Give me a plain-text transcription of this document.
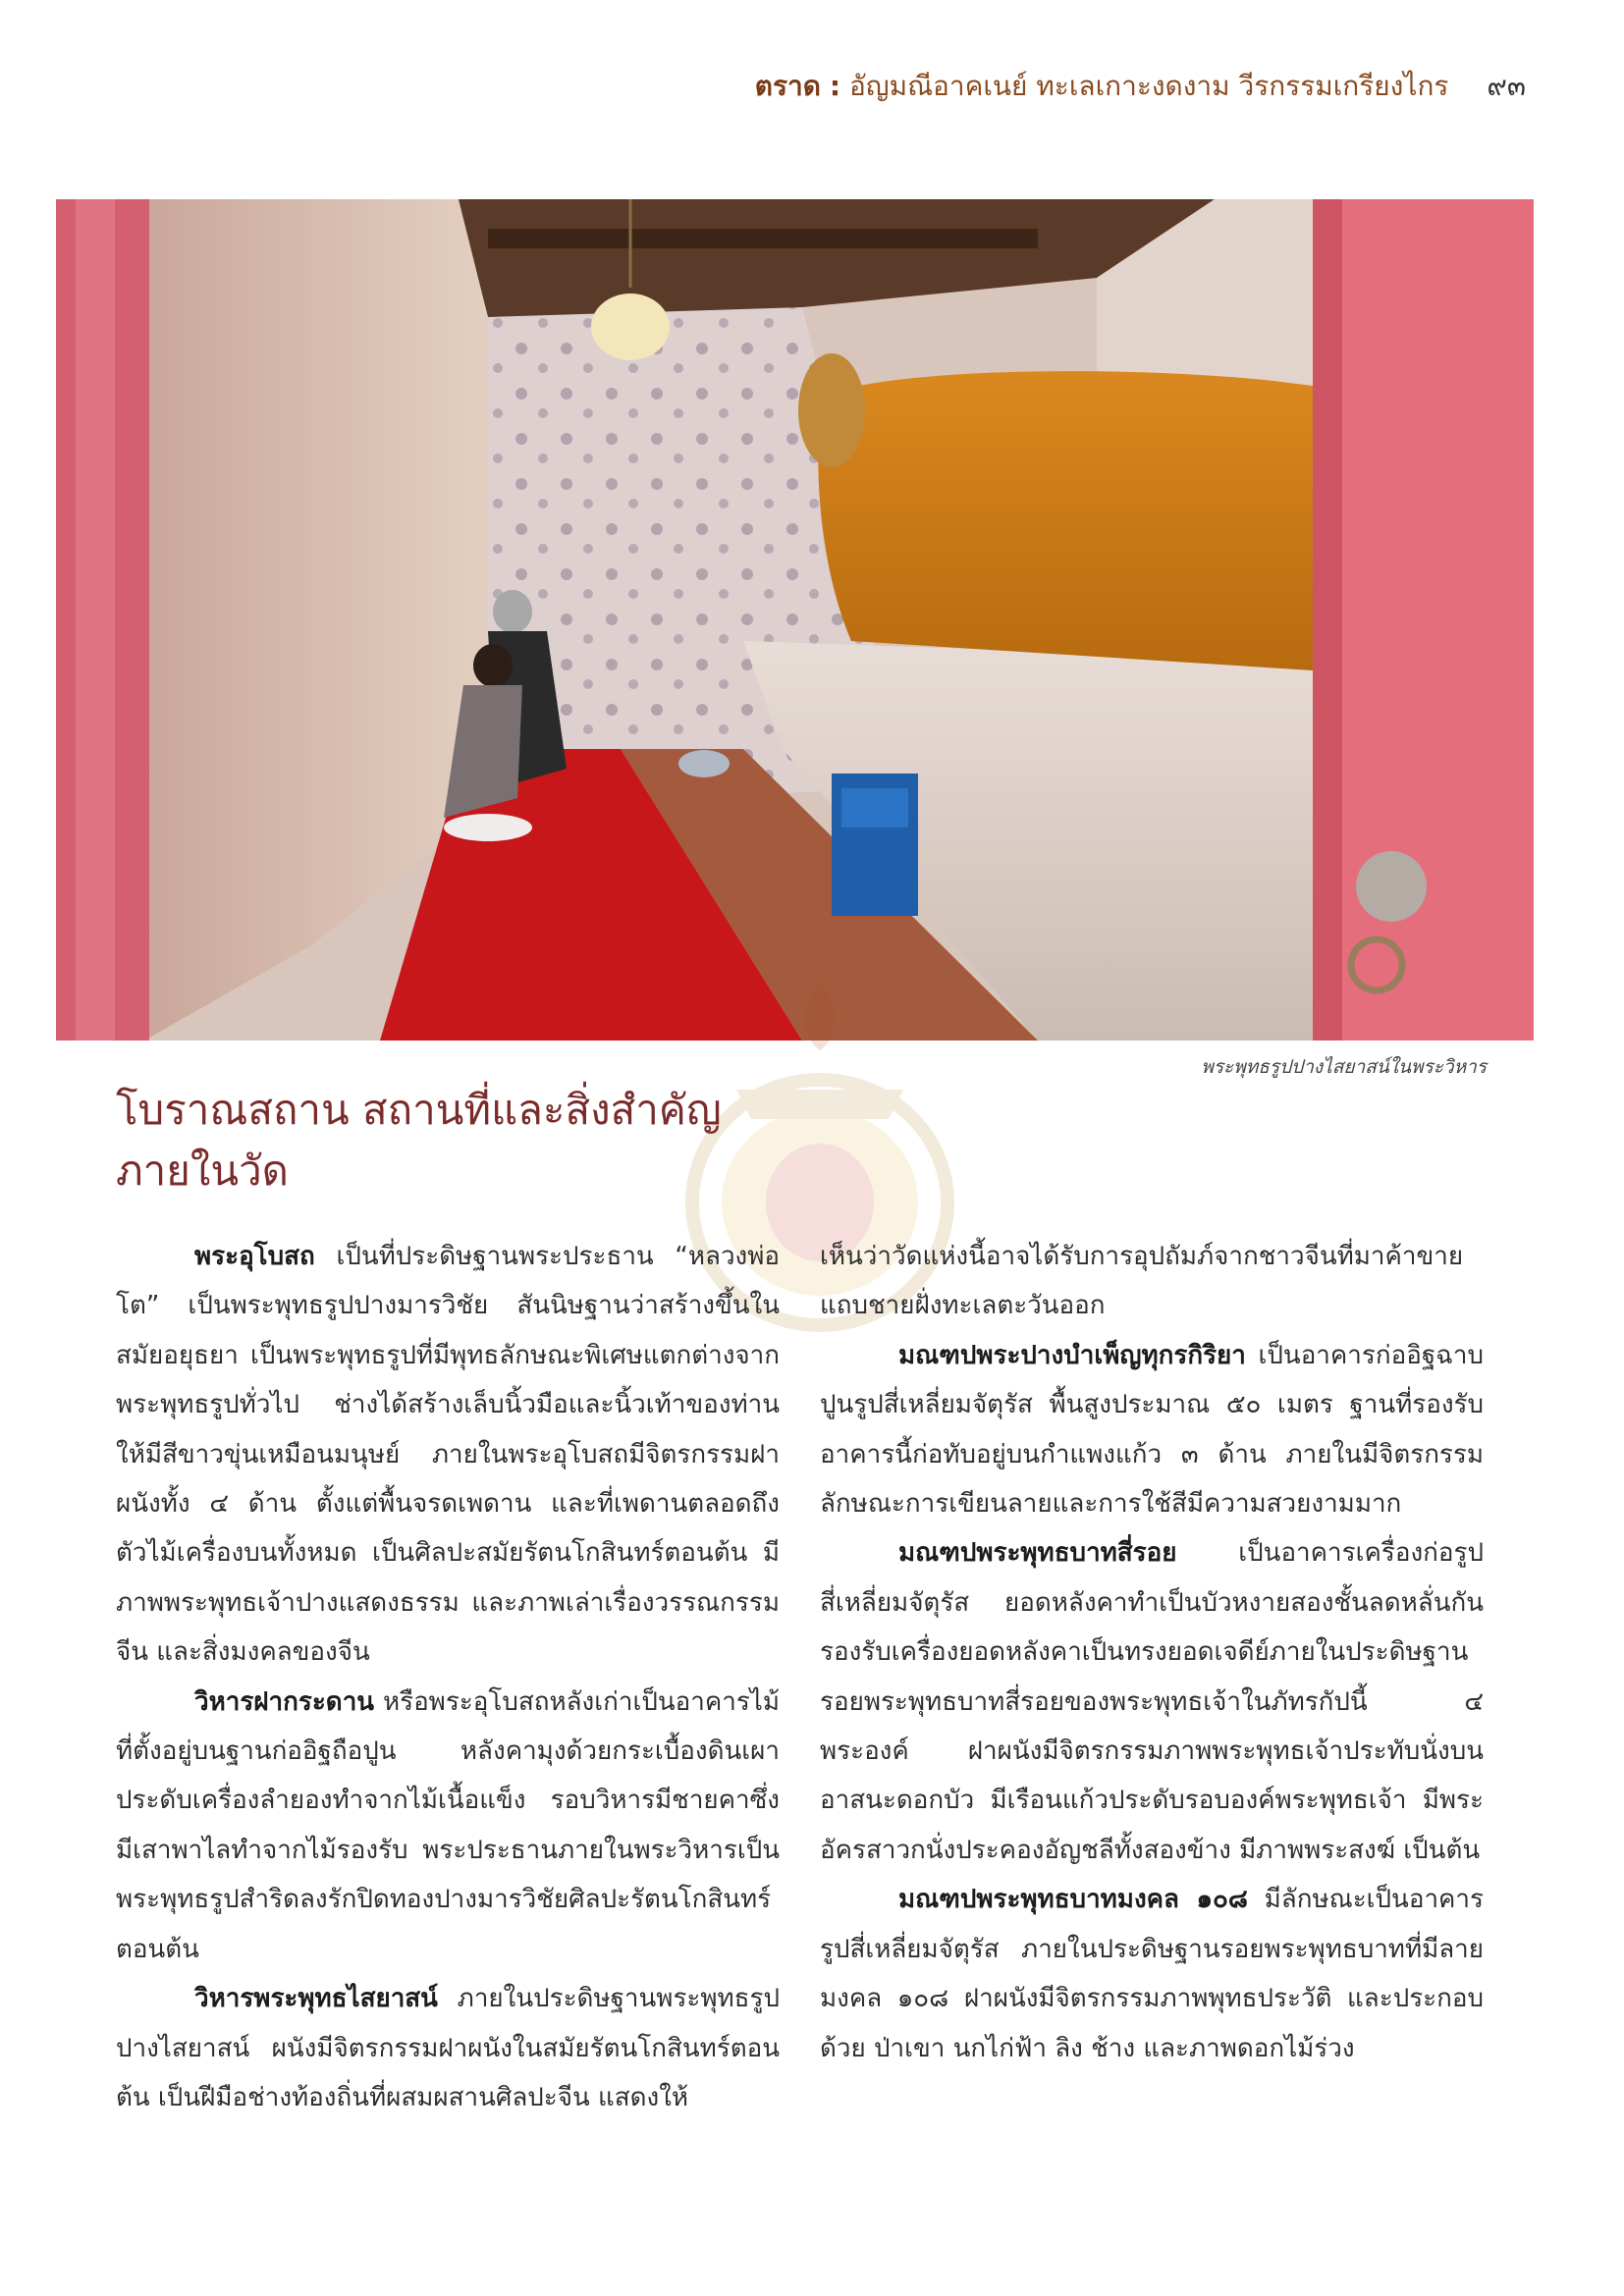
ตราด : อัญมณีอาคเนย์ ทะเลเกาะงดงาม วีรกรรมเกรียงไกร ๙๓
พระพุทธรูปปางไสยาสน์ในพระวิหาร
โบราณสถาน สถานที่และสิ่งสำคัญภายในวัด

พระอุโบสถ เป็นที่ประดิษฐานพระประธาน “หลวงพ่อโต” เป็นพระพุทธรูปปางมารวิชัย สันนิษฐานว่าสร้างขึ้นในสมัยอยุธยา เป็นพระพุทธรูปที่มีพุทธลักษณะพิเศษแตกต่างจากพระพุทธรูปทั่วไป ช่างได้สร้างเล็บนิ้วมือและนิ้วเท้าของท่านให้มีสีขาวขุ่นเหมือนมนุษย์ ภายในพระอุโบสถมีจิตรกรรมฝาผนังทั้ง ๔ ด้าน ตั้งแต่พื้นจรดเพดาน และที่เพดานตลอดถึงตัวไม้เครื่องบนทั้งหมด เป็นศิลปะสมัยรัตนโกสินทร์ตอนต้น มีภาพพระพุทธเจ้าปางแสดงธรรม และภาพเล่าเรื่องวรรณกรรมจีน และสิ่งมงคลของจีน

วิหารฝากระดาน หรือพระอุโบสถหลังเก่าเป็นอาคารไม้ที่ตั้งอยู่บนฐานก่ออิฐถือปูน หลังคามุงด้วยกระเบื้องดินเผา ประดับเครื่องลำยองทำจากไม้เนื้อแข็ง รอบวิหารมีชายคาซึ่งมีเสาพาไลทำจากไม้รองรับ พระประธานภายในพระวิหารเป็นพระพุทธรูปสำริดลงรักปิดทองปางมารวิชัยศิลปะรัตนโกสินทร์ตอนต้น

วิหารพระพุทธไสยาสน์ ภายในประดิษฐานพระพุทธรูปปางไสยาสน์ ผนังมีจิตรกรรมฝาผนังในสมัยรัตนโกสินทร์ตอนต้น เป็นฝีมือช่างท้องถิ่นที่ผสมผสานศิลปะจีน แสดงให้

เห็นว่าวัดแห่งนี้อาจได้รับการอุปถัมภ์จากชาวจีนที่มาค้าขายแถบชายฝั่งทะเลตะวันออก

มณฑปพระปางบำเพ็ญทุกรกิริยา เป็นอาคารก่ออิฐฉาบปูนรูปสี่เหลี่ยมจัตุรัส พื้นสูงประมาณ ๕๐ เมตร ฐานที่รองรับอาคารนี้ก่อทับอยู่บนกำแพงแก้ว ๓ ด้าน ภายในมีจิตรกรรมลักษณะการเขียนลายและการใช้สีมีความสวยงามมาก

มณฑปพระพุทธบาทสี่รอย เป็นอาคารเครื่องก่อรูปสี่เหลี่ยมจัตุรัส ยอดหลังคาทำเป็นบัวหงายสองชั้นลดหลั่นกันรองรับเครื่องยอดหลังคาเป็นทรงยอดเจดีย์ภายในประดิษฐานรอยพระพุทธบาทสี่รอยของพระพุทธเจ้าในภัทรกัปนี้ ๔ พระองค์ ฝาผนังมีจิตรกรรมภาพพระพุทธเจ้าประทับนั่งบนอาสนะดอกบัว มีเรือนแก้วประดับรอบองค์พระพุทธเจ้า มีพระอัครสาวกนั่งประคองอัญชลีทั้งสองข้าง มีภาพพระสงฆ์ เป็นต้น

มณฑปพระพุทธบาทมงคล ๑๐๘ มีลักษณะเป็นอาคารรูปสี่เหลี่ยมจัตุรัส ภายในประดิษฐานรอยพระพุทธบาทที่มีลายมงคล ๑๐๘ ฝาผนังมีจิตรกรรมภาพพุทธประวัติ และประกอบด้วย ป่าเขา นกไก่ฟ้า ลิง ช้าง และภาพดอกไม้ร่วง
